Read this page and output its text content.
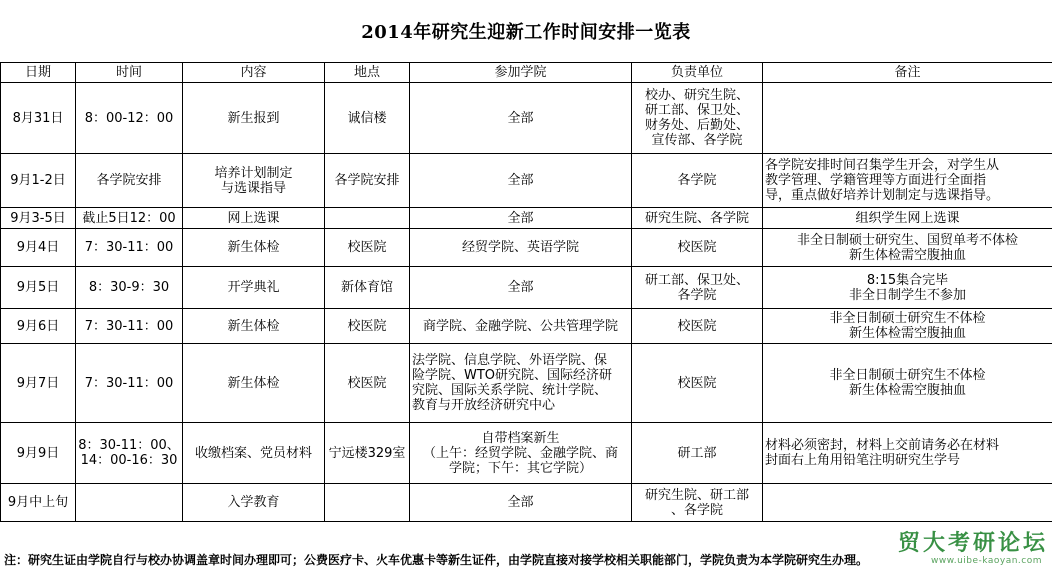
2014年研究生迎新工作时间安排一览表
日期	时间	内容	地点	参加学院	负责单位	备注
8月31日	8：00-12：00	新生报到	诚信楼	全部	校办、研究生院、
研工部、保卫处、
财务处、后勤处、
宣传部、各学院	
9月1-2日	各学院安排	培养计划制定
与选课指导	各学院安排	全部	各学院	各学院安排时间召集学生开会，对学生从
教学管理、学籍管理等方面进行全面指
导，重点做好培养计划制定与选课指导。
9月3-5日	截止5日12：00	网上选课		全部	研究生院、各学院	组织学生网上选课
9月4日	7：30-11：00	新生体检	校医院	经贸学院、英语学院	校医院	非全日制硕士研究生、国贸单考不体检
新生体检需空腹抽血
9月5日	8：30-9：30	开学典礼	新体育馆	全部	研工部、保卫处、
各学院	8:15集合完毕
非全日制学生不参加
9月6日	7：30-11：00	新生体检	校医院	商学院、金融学院、公共管理学院	校医院	非全日制硕士研究生不体检
新生体检需空腹抽血
9月7日	7：30-11：00	新生体检	校医院	法学院、信息学院、外语学院、保
险学院、WTO研究院、国际经济研
究院、国际关系学院、统计学院、
教育与开放经济研究中心	校医院	非全日制硕士研究生不体检
新生体检需空腹抽血
9月9日	8：30-11：00、
14：00-16：30	收缴档案、党员材料	宁远楼329室	自带档案新生
（上午：经贸学院、金融学院、商
学院；下午：其它学院）	研工部	材料必须密封，材料上交前请务必在材料
封面右上角用铅笔注明研究生学号
9月中上旬		入学教育		全部	研究生院、研工部
、各学院	
注：研究生证由学院自行与校办协调盖章时间办理即可；公费医疗卡、火车优惠卡等新生证件，由学院直接对接学校相关职能部门，学院负责为本学院研究生办理。
贸大考研论坛
www.uibe-kaoyan.com
